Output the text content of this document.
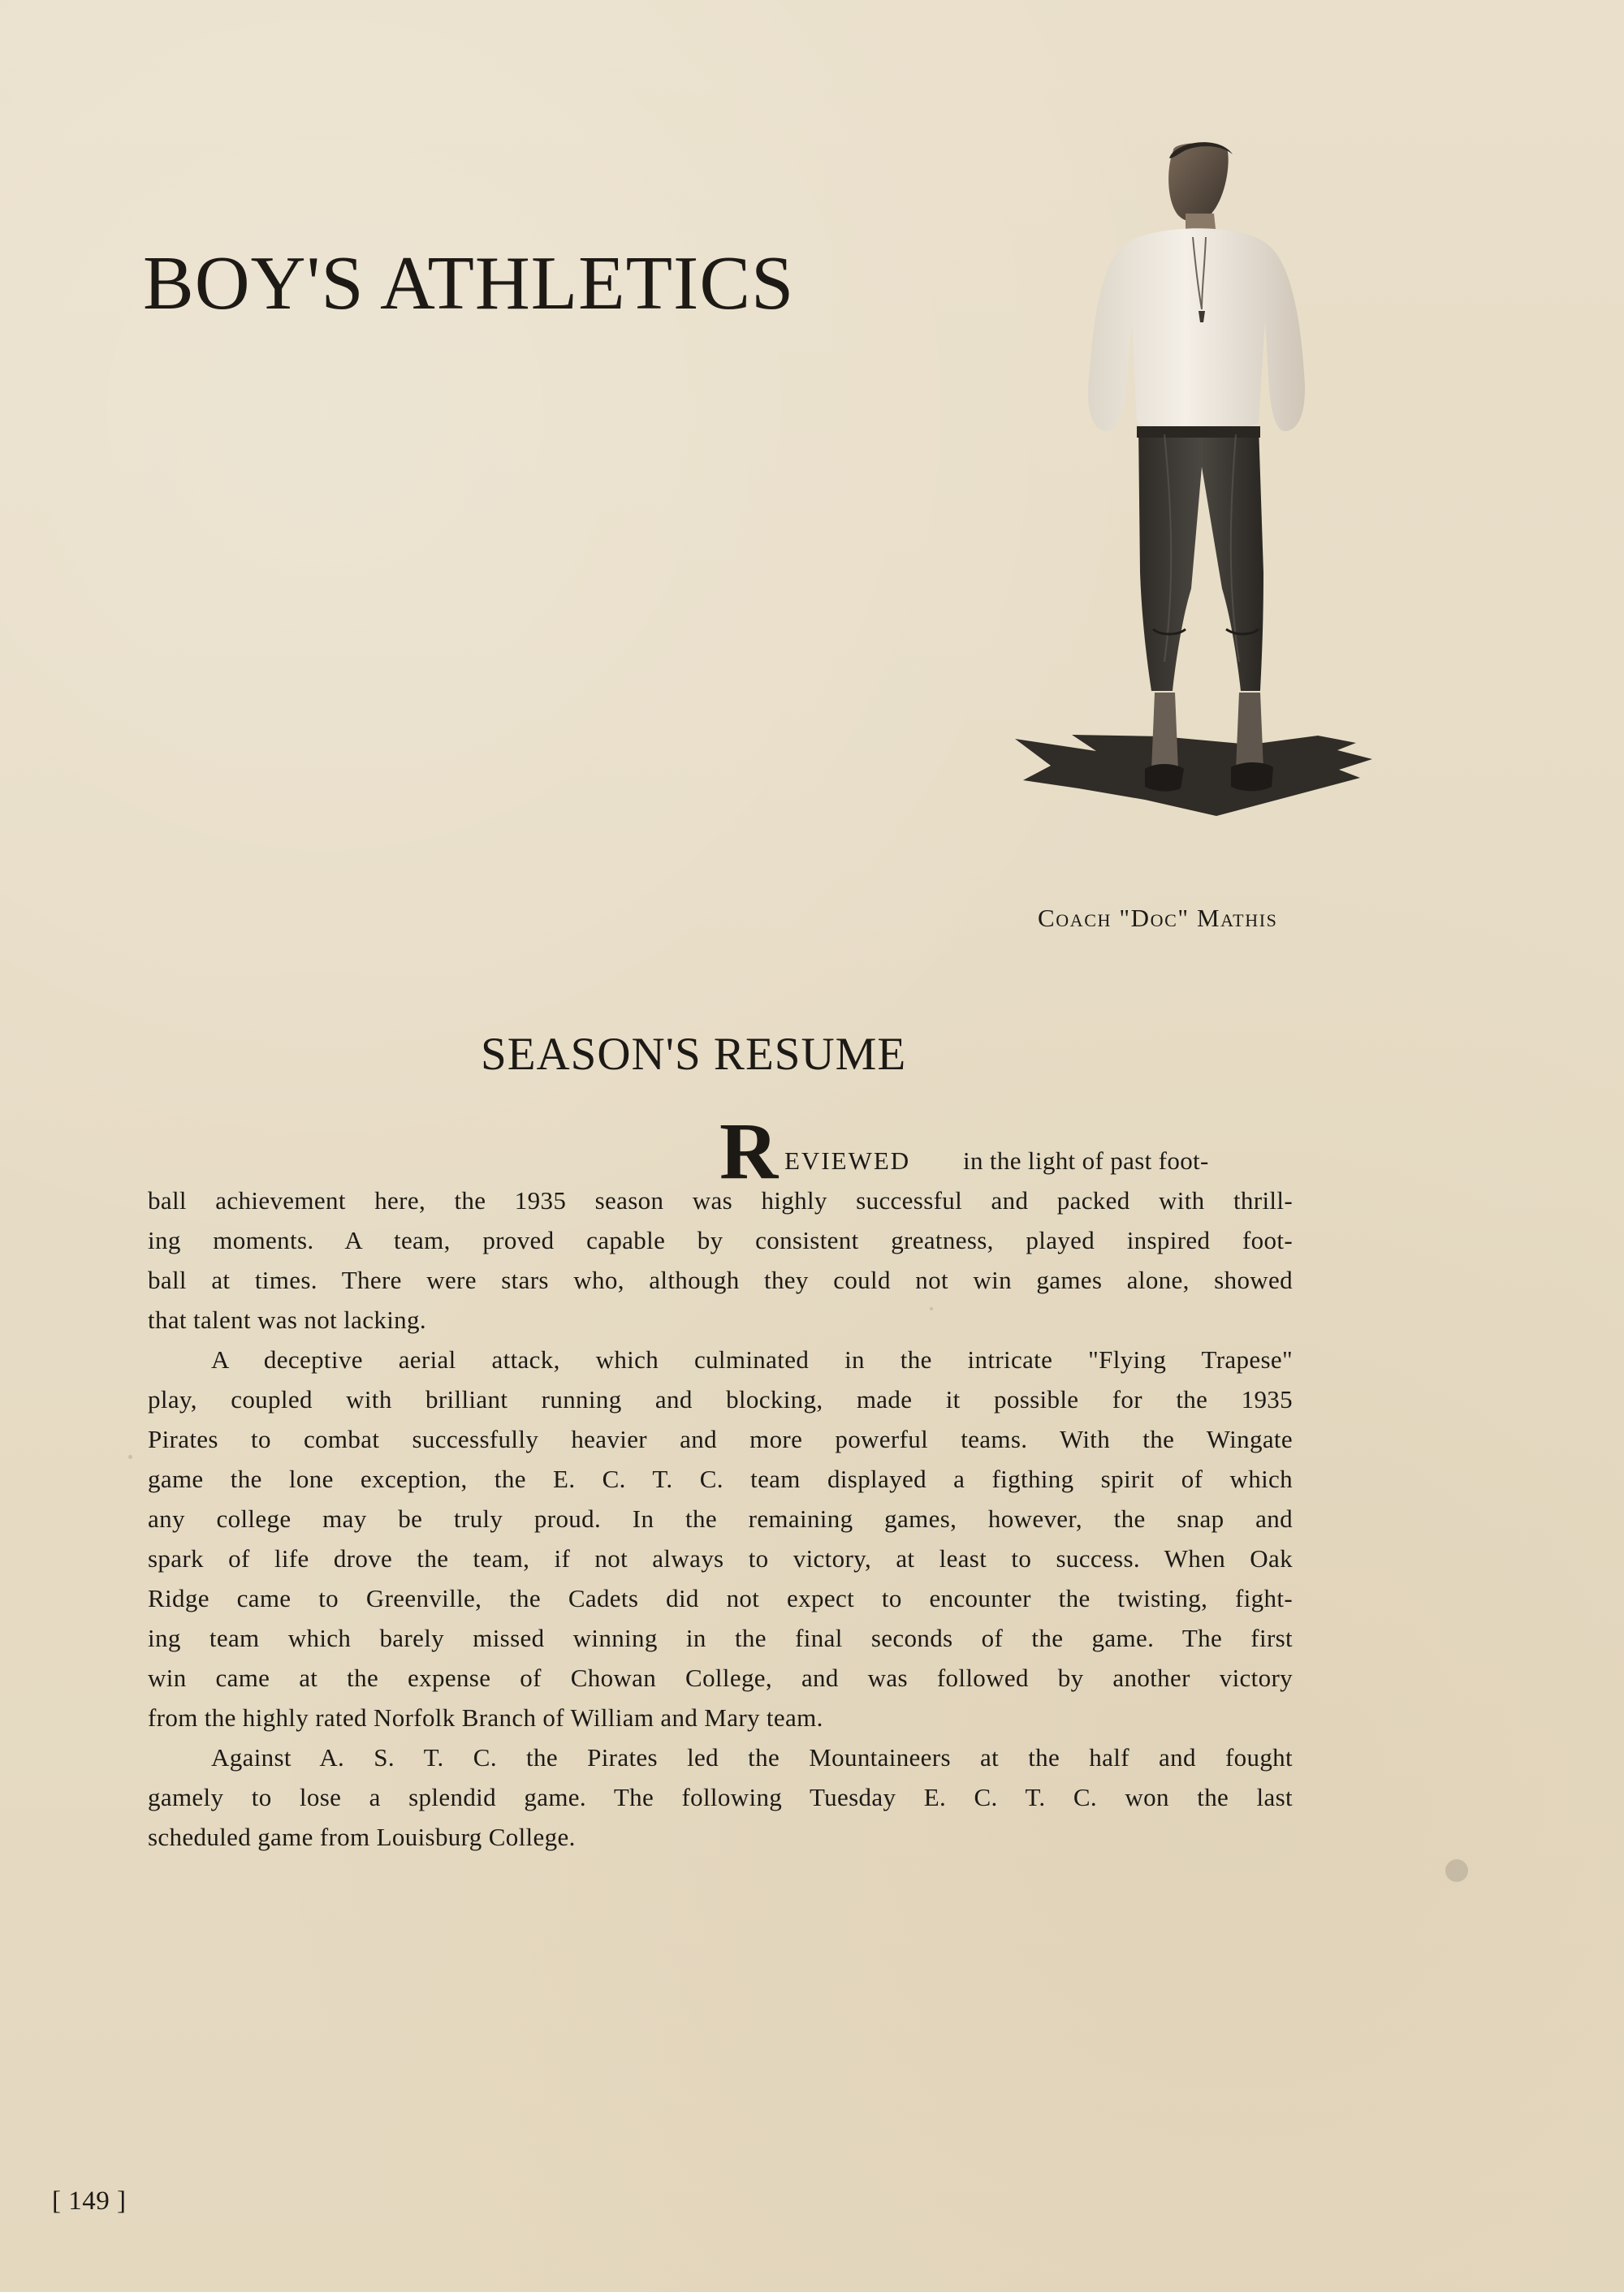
BOY'S ATHLETICS

Coach "Doc" Mathis

SEASON'S RESUME
R EVIEWED in the light of past foot-
ball achievement here, the 1935 season was highly successful and packed with thrill-
ing moments. A team, proved capable by consistent greatness, played inspired foot-
ball at times. There were stars who, although they could not win games alone, showed
that talent was not lacking.
A deceptive aerial attack, which culminated in the intricate "Flying Trapese"
play, coupled with brilliant running and blocking, made it possible for the 1935
Pirates to combat successfully heavier and more powerful teams. With the Wingate
game the lone exception, the E. C. T. C. team displayed a figthing spirit of which
any college may be truly proud. In the remaining games, however, the snap and
spark of life drove the team, if not always to victory, at least to success. When Oak
Ridge came to Greenville, the Cadets did not expect to encounter the twisting, fight-
ing team which barely missed winning in the final seconds of the game. The first
win came at the expense of Chowan College, and was followed by another victory
from the highly rated Norfolk Branch of William and Mary team.
Against A. S. T. C. the Pirates led the Mountaineers at the half and fought
gamely to lose a splendid game. The following Tuesday E. C. T. C. won the last
scheduled game from Louisburg College.

[ 149 ]
